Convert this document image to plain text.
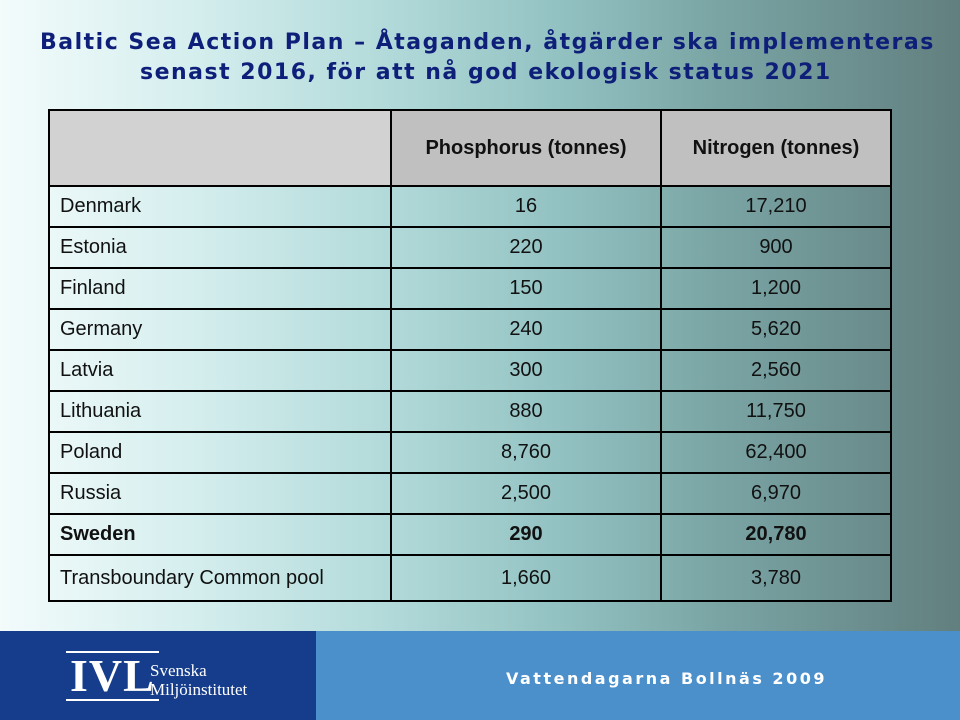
Baltic Sea Action Plan – Åtaganden, åtgärder ska implementeras
senast 2016, för att nå god ekologisk status 2021
	Phosphorus (tonnes)	Nitrogen (tonnes)
Denmark	16	17,210
Estonia	220	900
Finland	150	1,200
Germany	240	5,620
Latvia	300	2,560
Lithuania	880	11,750
Poland	8,760	62,400
Russia	2,500	6,970
Sweden	290	20,780
Transboundary Common pool	1,660	3,780
IVL
Svenska
Miljöinstitutet
Vattendagarna Bollnäs 2009
